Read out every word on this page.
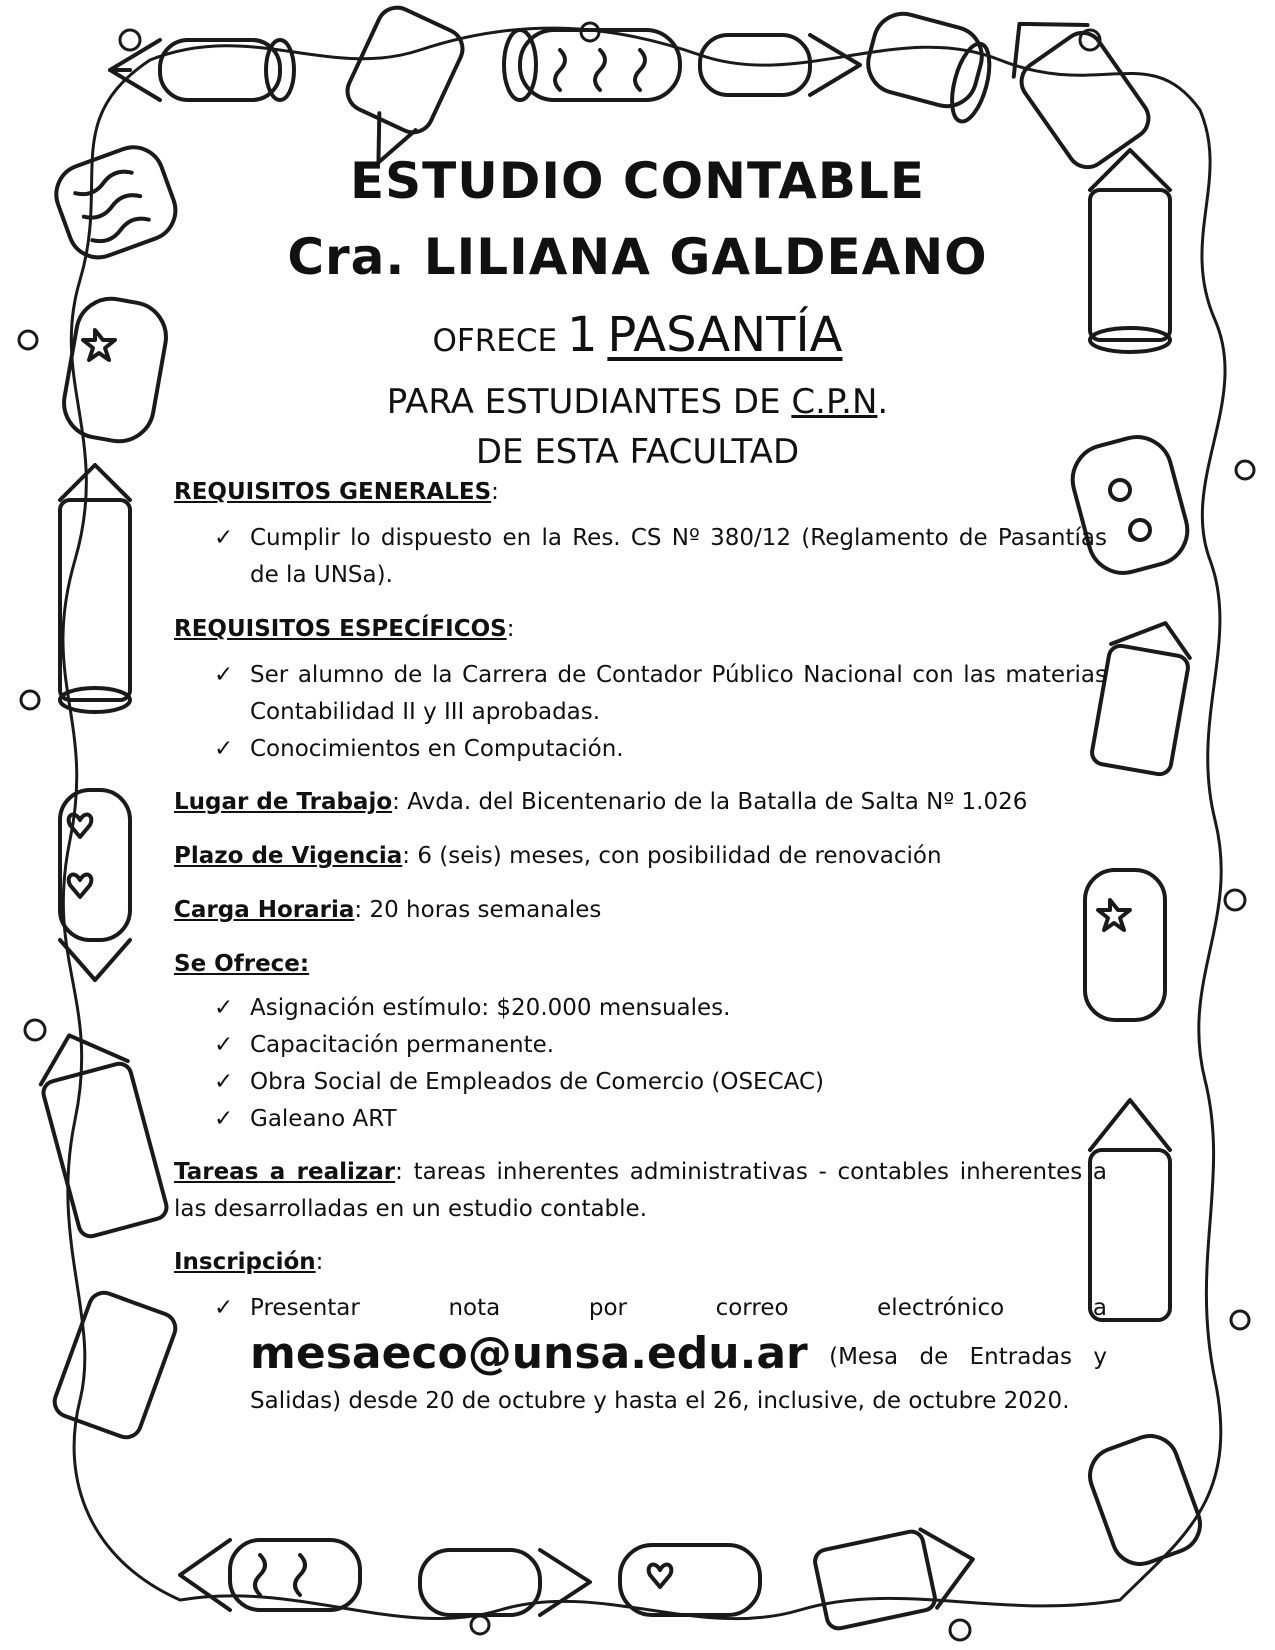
ESTUDIO CONTABLE
Cra. LILIANA GALDEANO
OFRECE 1 PASANTÍA
PARA ESTUDIANTES DE C.P.N.
DE ESTA FACULTAD
REQUISITOS GENERALES:
✓ Cumplir lo dispuesto en la Res. CS Nº 380/12 (Reglamento de Pasantías de la UNSa).
REQUISITOS ESPECÍFICOS:
✓ Ser alumno de la Carrera de Contador Público Nacional con las materias Contabilidad II y III aprobadas.
✓ Conocimientos en Computación.
Lugar de Trabajo: Avda. del Bicentenario de la Batalla de Salta Nº 1.026
Plazo de Vigencia: 6 (seis) meses, con posibilidad de renovación
Carga Horaria: 20 horas semanales
Se Ofrece:
✓ Asignación estímulo: $20.000 mensuales.
✓ Capacitación permanente.
✓ Obra Social de Empleados de Comercio (OSECAC)
✓ Galeano ART
Tareas a realizar: tareas inherentes administrativas - contables inherentes a las desarrolladas en un estudio contable.
Inscripción:
✓ Presentar	nota	por	correo	electrónico	a
mesaeco@unsa.edu.ar (Mesa de Entradas y Salidas) desde 20 de octubre y hasta el 26, inclusive, de octubre 2020.
